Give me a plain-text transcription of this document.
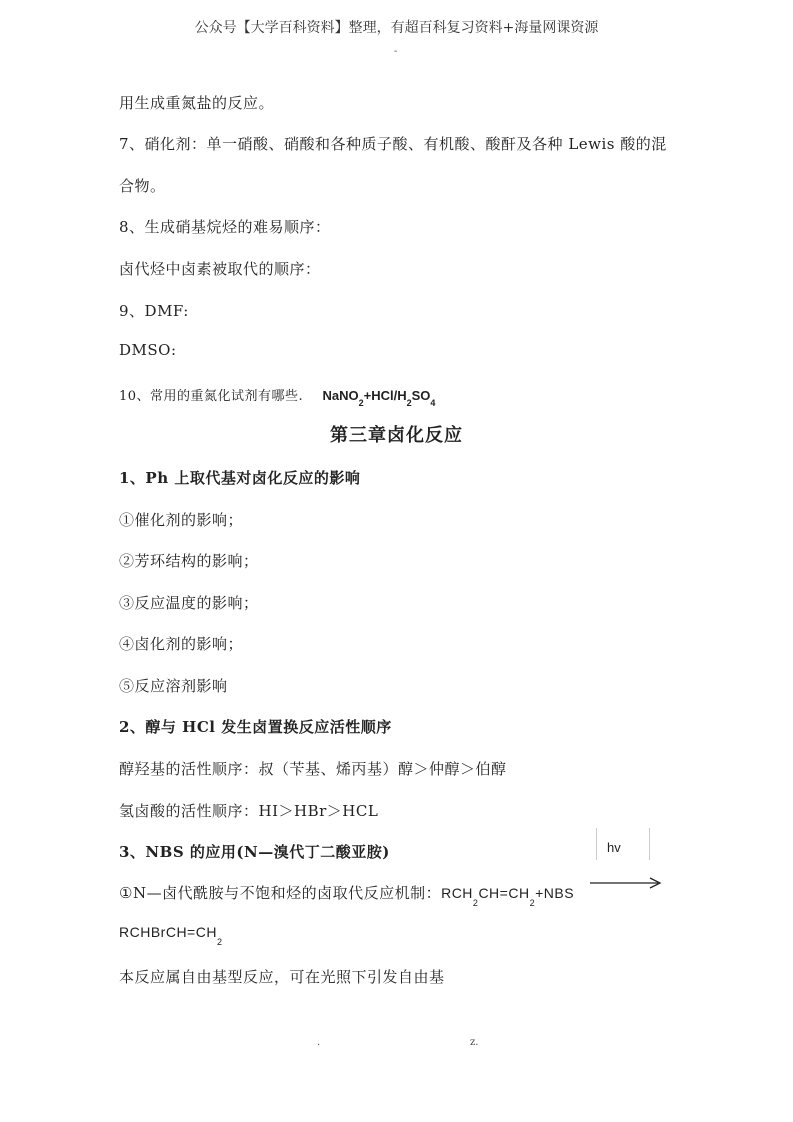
公众号【大学百科资料】整理，有超百科复习资料+海量网课资源
-
用生成重氮盐的反应。
7、硝化剂：单一硝酸、硝酸和各种质子酸、有机酸、酸酐及各种 Lewis 酸的混
合物。
8、生成硝基烷烃的难易顺序：
卤代烃中卤素被取代的顺序：
9、DMF:
DMSO:
10、常用的重氮化试剂有哪些. $NaNO_2+HCl/H_2SO_4$
第三章卤化反应
1、Ph 上取代基对卤化反应的影响
①催化剂的影响；
②芳环结构的影响；
③反应温度的影响；
④卤化剂的影响；
⑤反应溶剂影响
2、醇与 HCl 发生卤置换反应活性顺序
醇羟基的活性顺序：叔（苄基、烯丙基）醇＞仲醇＞伯醇
氢卤酸的活性顺序：HI＞HBr＞HCL
3、NBS 的应用(N—溴代丁二酸亚胺)	hv
①N—卤代酰胺与不饱和烃的卤取代反应机制：$RCH_2CH=CH_2+NBS$
$RCHBrCH=CH_2$
本反应属自由基型反应，可在光照下引发自由基
.	z.
